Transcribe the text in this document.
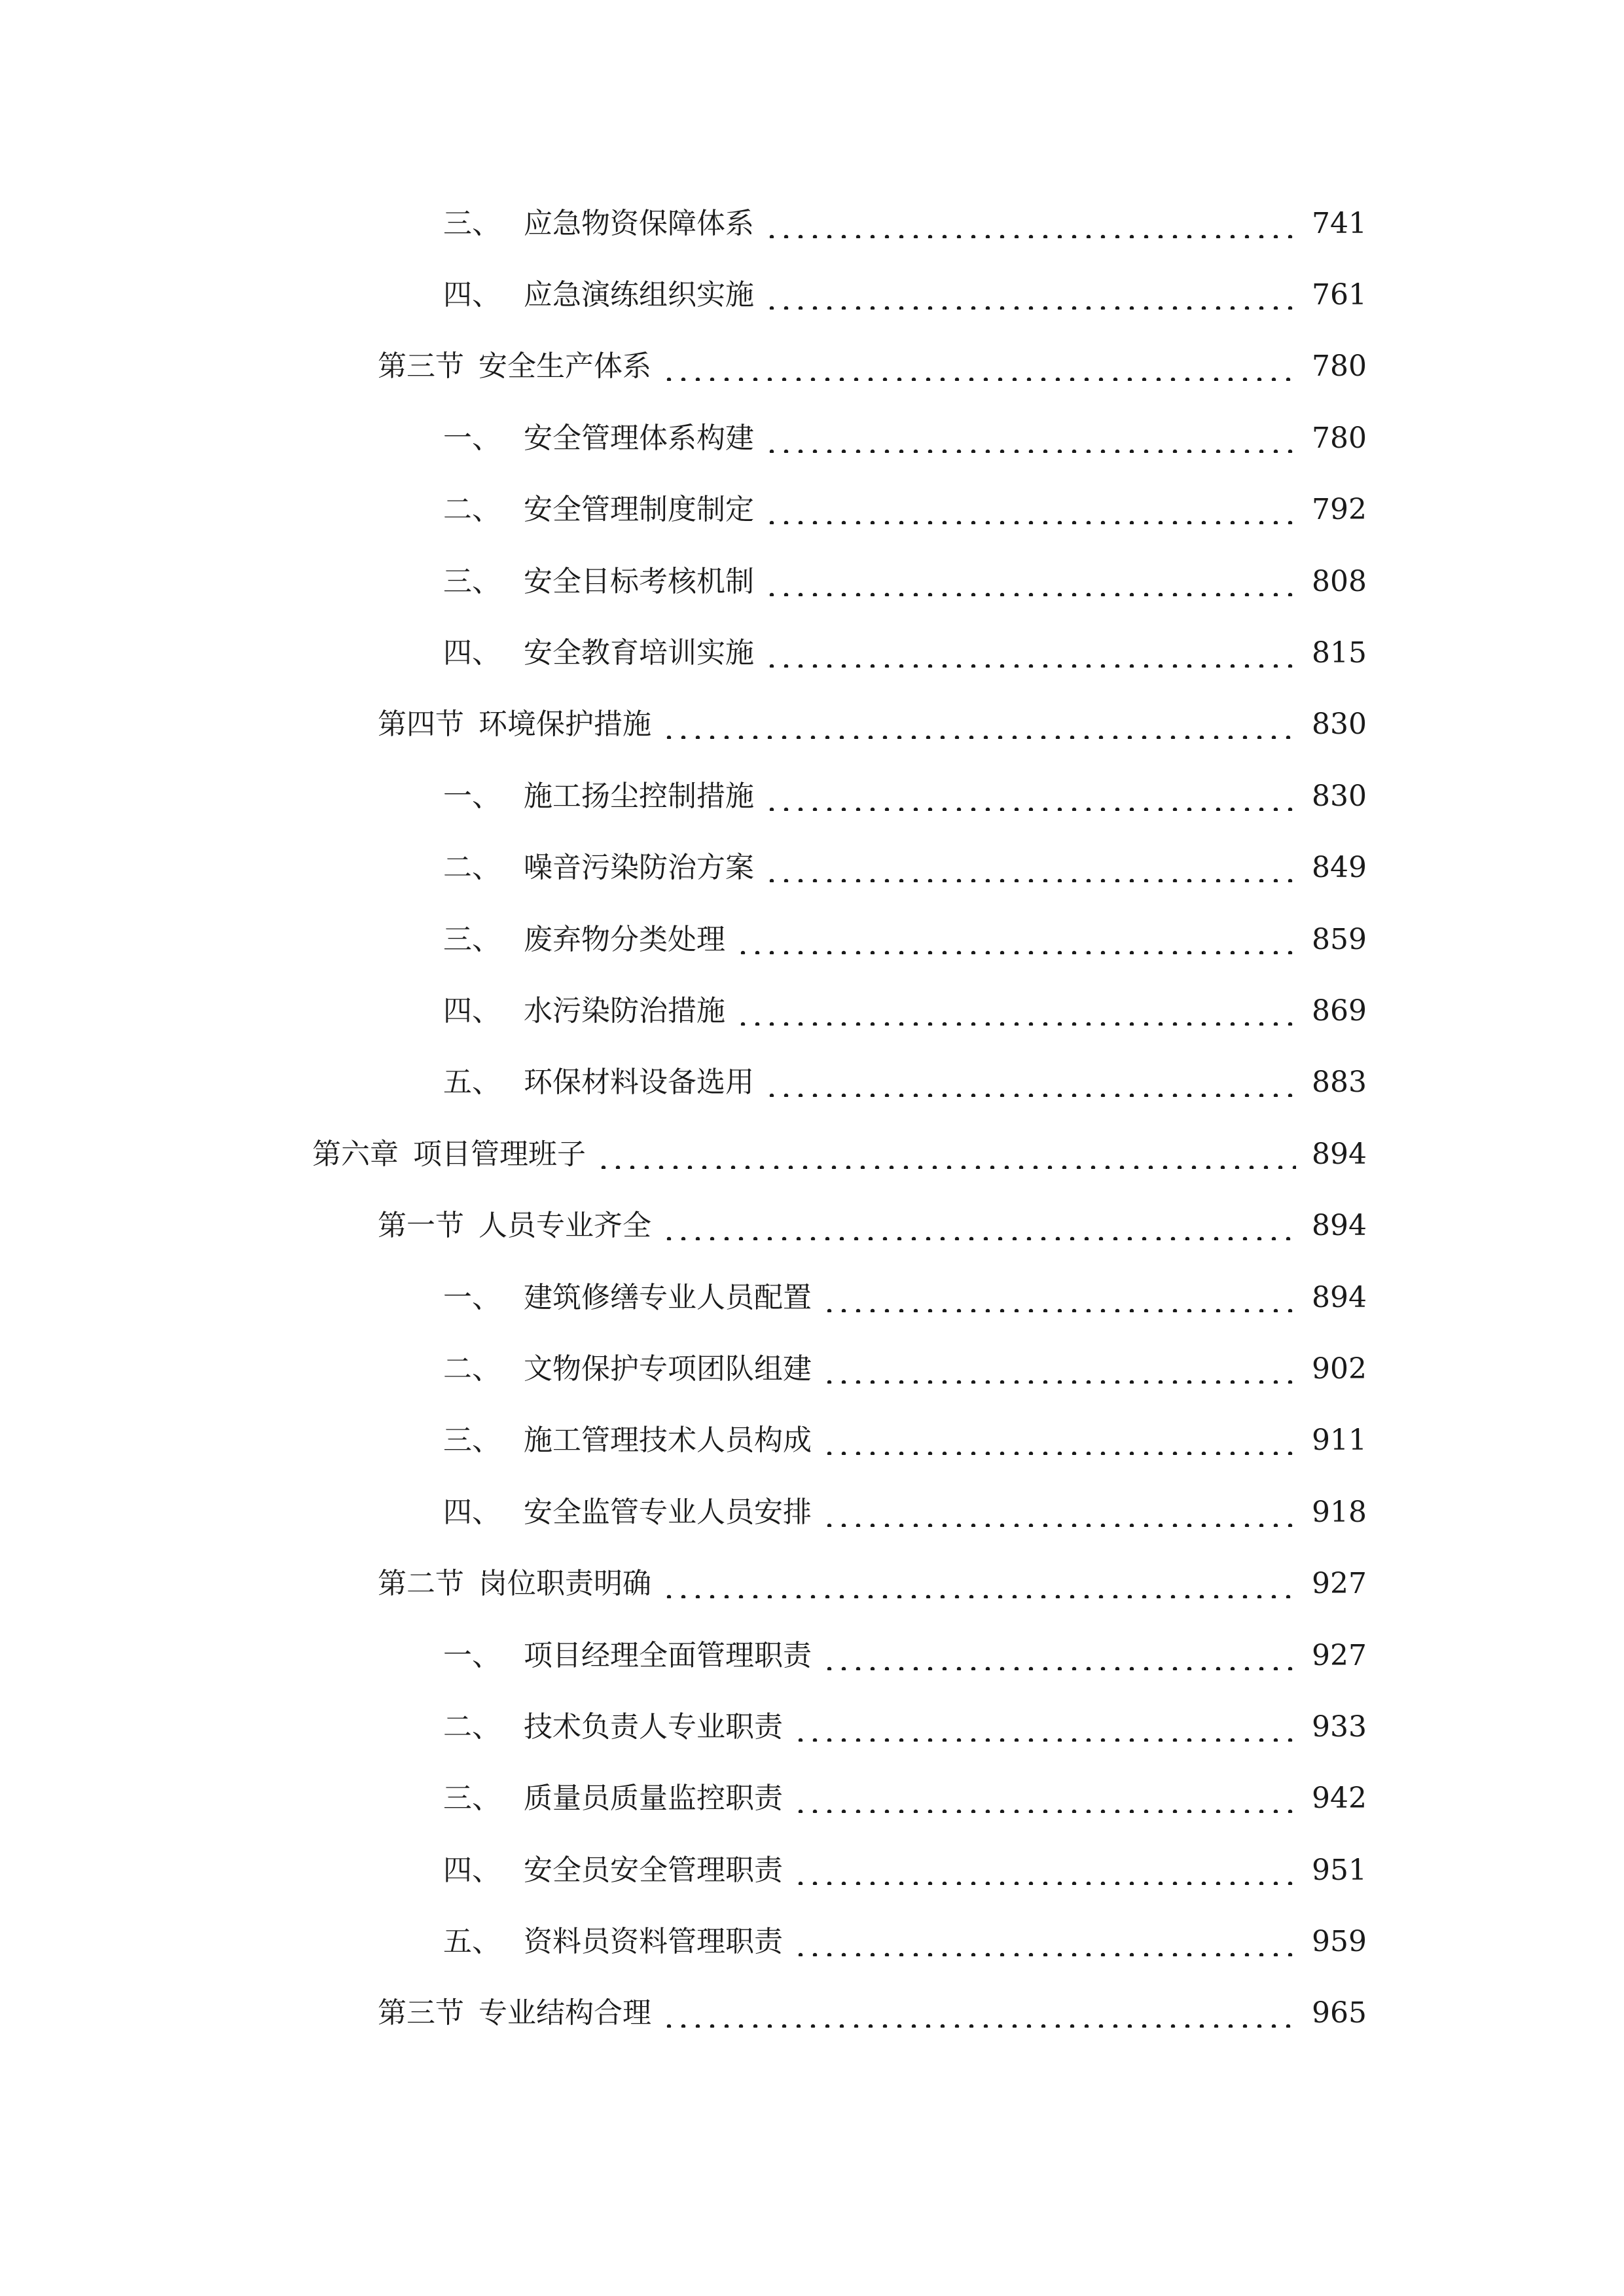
三、 应急物资保障体系	741
四、 应急演练组织实施	761
第三节 安全生产体系	780
一、 安全管理体系构建	780
二、 安全管理制度制定	792
三、 安全目标考核机制	808
四、 安全教育培训实施	815
第四节 环境保护措施	830
一、 施工扬尘控制措施	830
二、 噪音污染防治方案	849
三、 废弃物分类处理	859
四、 水污染防治措施	869
五、 环保材料设备选用	883
第六章 项目管理班子	894
第一节 人员专业齐全	894
一、 建筑修缮专业人员配置	894
二、 文物保护专项团队组建	902
三、 施工管理技术人员构成	911
四、 安全监管专业人员安排	918
第二节 岗位职责明确	927
一、 项目经理全面管理职责	927
二、 技术负责人专业职责	933
三、 质量员质量监控职责	942
四、 安全员安全管理职责	951
五、 资料员资料管理职责	959
第三节 专业结构合理	965
